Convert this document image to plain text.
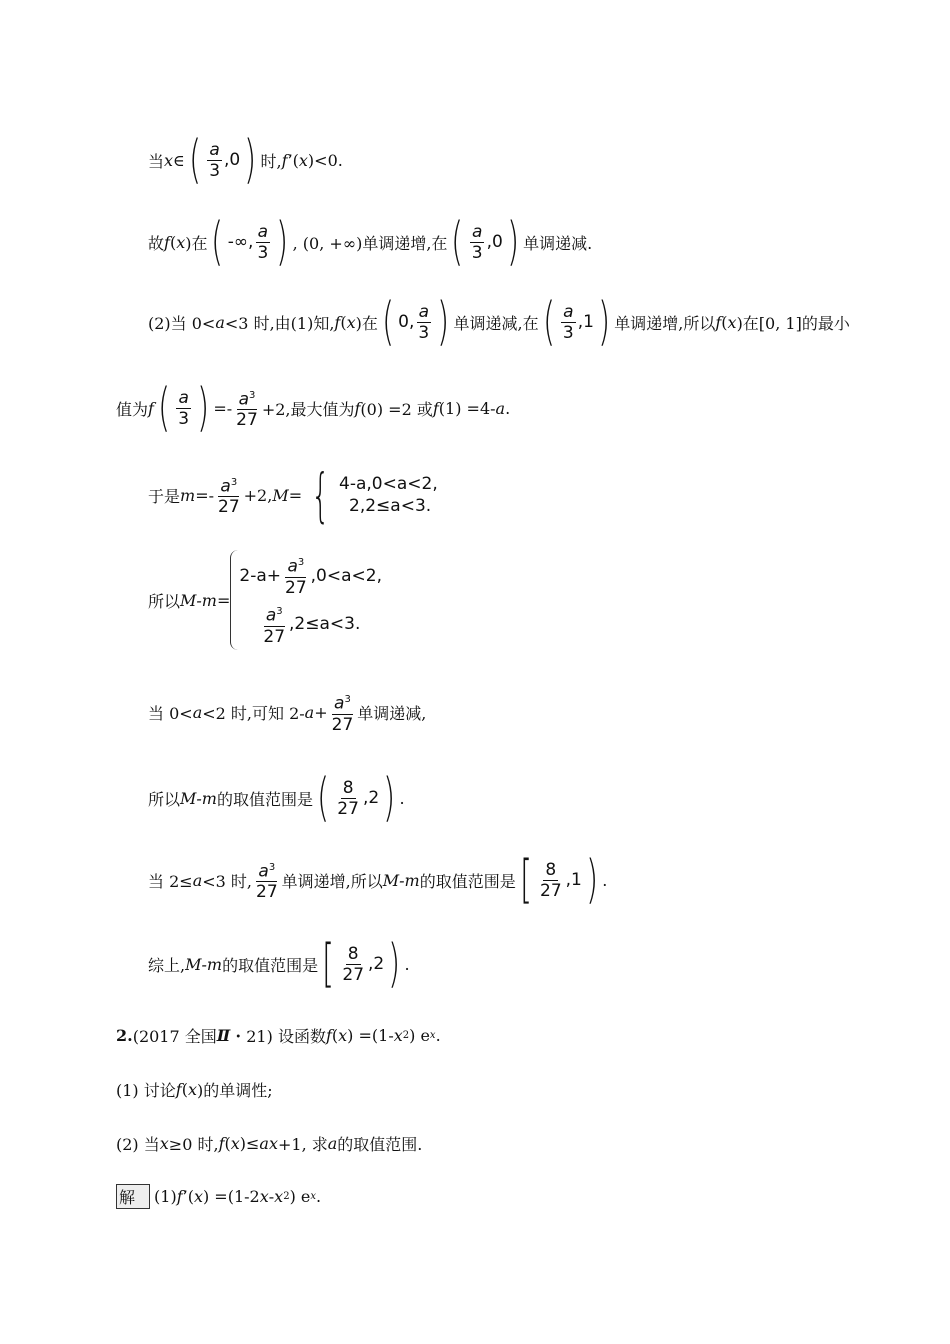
当 x ∈ ( $\frac{a}{3} ,0$ ) 时, f ’( x )<0.
故 f ( x )在 ( -∞, $\frac{a}{3}$ ) , (0, +∞)单调递增,在 ( $\frac{a}{3} ,0$ ) 单调递减.
(2)当 0< a <3 时,由(1)知, f ( x )在 ( 0, $\frac{a}{3}$ ) 单调递减,在 ( $\frac{a}{3} ,1$ ) 单调递增,所以 f ( x )在[0, 1]的最小
值为 f ( $\frac{a}{3}$ ) =- $\frac{a^3}{27} +2$,最大值为 f (0) =2 或 f (1) =4- a .
于是 $m =- \frac{a^3}{27} +2$, M = { 4-a,0<a<2,
2,2≤a<3.
所以 M-m =
$2-a+ \frac{a^3}{27} ,0<a<2$,
$\frac{a^3}{27} ,2\le a<3$.
当 0< a <2 时,可知 2- $a + \frac{a^3}{27}$ 单调递减,
所以 M-m 的取值范围是 ( $\frac{8}{27} ,2$ ) .
当 2≤ a <3 时, $\frac{a^3}{27}$ 单调递增,所以 M-m 的取值范围是 [ $\frac{8}{27} ,1$ ) .
综上, M-m 的取值范围是 [ $\frac{8}{27} ,2$ ) .
2. (2017 全国 Ⅱ ・21) 设函数 f ( x ) =(1- x 2 ) e x .
(1) 讨论 f ( x )的单调性;
(2) 当 x ≥0 时, f ( x )≤ ax +1, 求 a 的取值范围.
解	(1) f ’( x ) =(1-2 x - x 2 ) e x .
